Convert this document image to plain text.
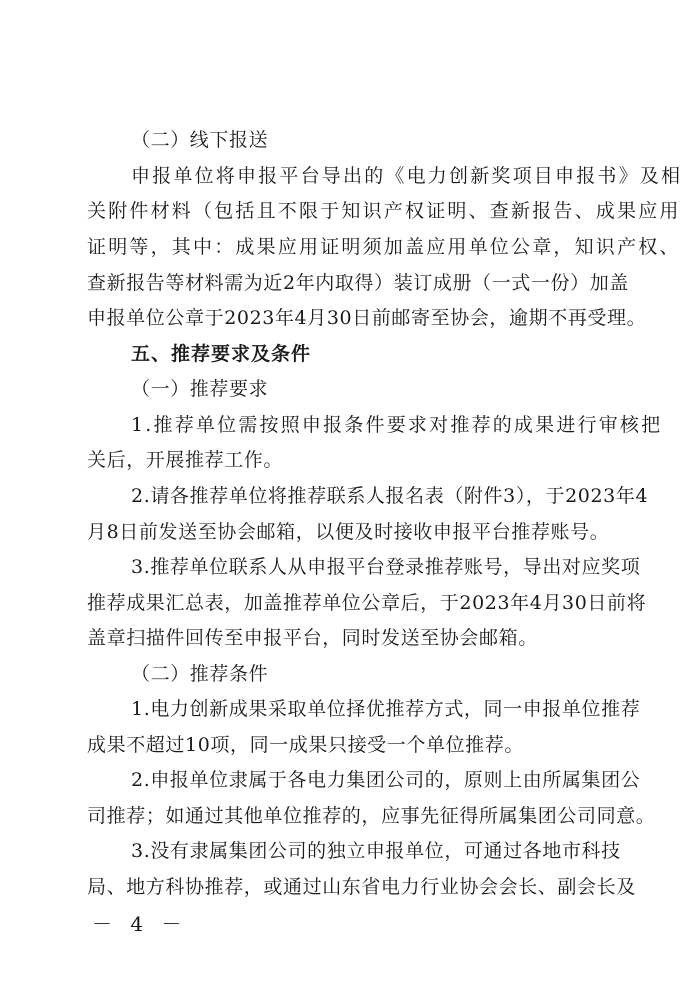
（二）线下报送
申报单位将申报平台导出的《电力创新奖项目申报书》及相
关附件材料（包括且不限于知识产权证明、查新报告、成果应用
证明等，其中：成果应用证明须加盖应用单位公章，知识产权、
查新报告等材料需为近2年内取得）装订成册（一式一份）加盖
申报单位公章于2023年4月30日前邮寄至协会，逾期不再受理。
五、推荐要求及条件
（一）推荐要求
1.推荐单位需按照申报条件要求对推荐的成果进行审核把
关后，开展推荐工作。
2.请各推荐单位将推荐联系人报名表（附件3），于2023年4
月8日前发送至协会邮箱，以便及时接收申报平台推荐账号。
3.推荐单位联系人从申报平台登录推荐账号，导出对应奖项
推荐成果汇总表，加盖推荐单位公章后，于2023年4月30日前将
盖章扫描件回传至申报平台，同时发送至协会邮箱。
（二）推荐条件
1.电力创新成果采取单位择优推荐方式，同一申报单位推荐
成果不超过10项，同一成果只接受一个单位推荐。
2.申报单位隶属于各电力集团公司的，原则上由所属集团公
司推荐；如通过其他单位推荐的，应事先征得所属集团公司同意。
3.没有隶属集团公司的独立申报单位，可通过各地市科技
局、地方科协推荐，或通过山东省电力行业协会会长、副会长及
－ 4 －
